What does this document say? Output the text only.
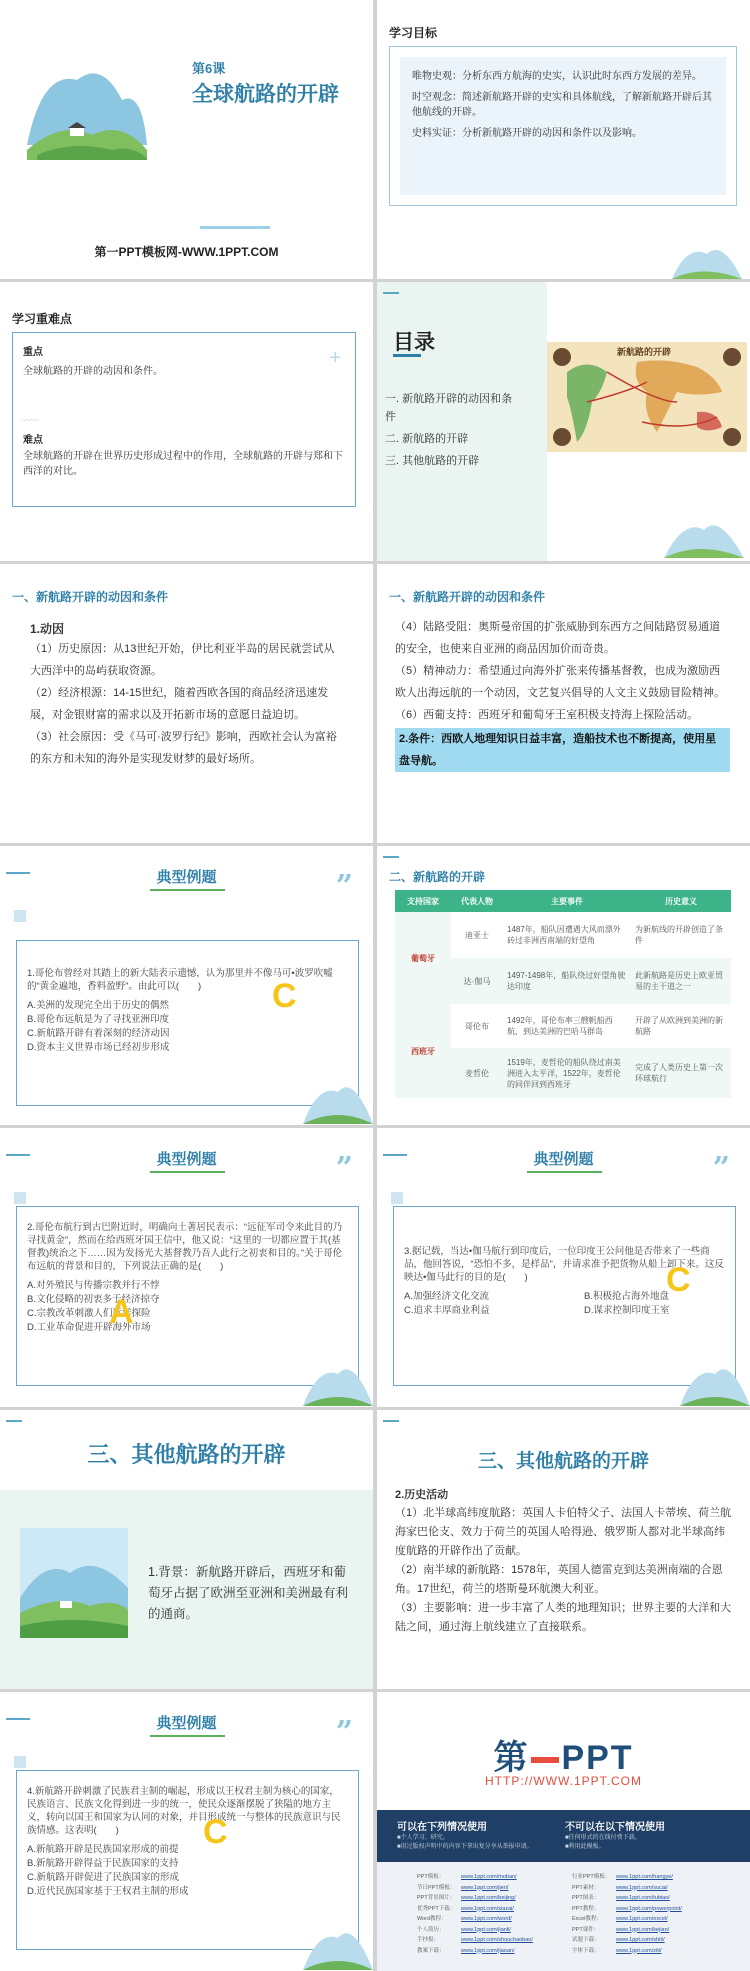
第6课
全球航路的开辟
第一PPT模板网-WWW.1PPT.COM
学习目标
唯物史观：分析东西方航海的史实，认识此时东西方发展的差异。
时空观念：简述新航路开辟的史实和具体航线，了解新航路开辟后其他航线的开辟。
史料实证：分析新航路开辟的动因和条件以及影响。
学习重难点
重点
全球航路的开辟的动因和条件。
+
〰〰
难点
全球航路的开辟在世界历史形成过程中的作用，全球航路的开辟与郑和下西洋的对比。
目录
一. 新航路开辟的动因和条件
二. 新航路的开辟
三. 其他航路的开辟
新航路的开辟
一、新航路开辟的动因和条件
1.动因
（1）历史原因：从13世纪开始，伊比利亚半岛的居民就尝试从大西洋中的岛屿获取资源。
（2）经济根源：14-15世纪，随着西欧各国的商品经济迅速发展，对金银财富的需求以及开拓新市场的意愿日益迫切。
（3）社会原因：受《马可·波罗行纪》影响，西欧社会认为富裕的东方和未知的海外是实现发财梦的最好场所。
一、新航路开辟的动因和条件
（4）陆路受阻：奥斯曼帝国的扩张威胁到东西方之间陆路贸易通道的安全，也使来自亚洲的商品因加价而奇贵。
（5）精神动力：希望通过向海外扩张来传播基督教，也成为激励西欧人出海远航的一个动因，文艺复兴倡导的人文主义鼓励冒险精神。
（6）西葡支持：西班牙和葡萄牙王室积极支持海上探险活动。
2.条件：西欧人地理知识日益丰富，造船技术也不断提高，使用星盘导航。
典型例题	”
1.哥伦布曾经对其踏上的新大陆表示遗憾，认为那里并不像马可•波罗吹嘘的“黄金遍地，香料盈野”。由此可以(　　)
A.美洲的发现完全出于历史的偶然
B.哥伦布远航是为了寻找亚洲印度
C.新航路开辟有着深刻的经济动因
D.资本主义世界市场已经初步形成
C
二、新航路的开辟
支持国家	代表人物	主要事件	历史意义
葡萄牙	迪亚士	1487年，船队因遭遇大风而漂外砖过非洲西南端的好望角	为新航线的开辟创造了条件
	达·伽马	1497-1498年，船队绕过好望角驶达印度	此新航路是历史上欧亚贸易的主干道之一
西班牙	哥伦布	1492年，哥伦布率三艘帆船西航，到达美洲的巴哈马群岛	开辟了从欧洲到美洲的新航路
	麦哲伦	1519年，麦哲伦的船队绕过南美洲进入太平洋，1522年，麦哲伦的同伴回到西班牙	完成了人类历史上第一次环球航行
典型例题	”
2.哥伦布航行到古巴附近时，明确向土著居民表示：“远征军司令来此目的乃寻找黄金”，然而在给西班牙国王信中，他又说：“这里的一切都应置于其(基督教)统治之下……因为发扬光大基督教乃吾人此行之初衷和目的。”关于哥伦布远航的背景和目的，下列说法正确的是(　　)
A.对外殖民与传播宗教并行不悖
B.文化侵略的初衷多于经济掠夺
C.宗教改革刺激人们远洋探险
D.工业革命促进开辟海外市场
A
典型例题	”
3.据记载，当达•伽马航行到印度后，一位印度王公问他是否带来了一些商品，他回答说，“恐怕不多，是样品”，并请求准予把货物从船上卸下来。这反映达•伽马此行的目的是(　　)
A.加强经济文化交流	B.积极抢占海外地盘
C.追求丰厚商业利益	D.谋求控制印度王室
C
三、其他航路的开辟
1.背景：新航路开辟后，西班牙和葡萄牙占据了欧洲至亚洲和美洲最有利的通商。
三、其他航路的开辟
2.历史活动
（1）北半球高纬度航路：英国人卡伯特父子、法国人卡蒂埃、荷兰航海家巴伦支、效力于荷兰的英国人哈得逊、俄罗斯人都对北半球高纬度航路的开辟作出了贡献。
（2）南半球的新航路：1578年，英国人德雷克到达美洲南端的合恩角。17世纪，荷兰的塔斯曼环航澳大利亚。
（3）主要影响：进一步丰富了人类的地理知识；世界主要的大洋和大陆之间，通过海上航线建立了直接联系。
典型例题	”
4.新航路开辟刺激了民族君主制的崛起，形成以王权君主制为核心的国家，民族语言、民族文化得到进一步的统一，使民众逐渐摆脱了狭隘的地方主义，转向以国王和国家为认同的对象，并目形成统一与整体的民族意识与民族情感。这表明(　　)
A.新航路开辟是民族国家形成的前提
B.新航路开辟得益于民族国家的支持
C.新航路开辟促进了民族国家的形成
D.近代民族国家基于王权君主制的形成
C
第 PPT
HTTP://WWW.1PPT.COM
可以在下列情况使用
■个人学习、研究。
■用过版权声明中的内容下拿出复分享从举报申请。
不可以在以下情况使用
■任何形式的在线付费下载。
■利用此模板。
PPT模板：	www.1ppt.com/moban/
节日PPT模板： www.1ppt.com/jieri/
PPT背景图片： www.1ppt.com/beijing/
优秀PPT下载： www.1ppt.com/xiazai/
Word教程：	www.1ppt.com/word/
个人简历：	www.1ppt.com/jianli/
手抄报：	www.1ppt.com/shouchaobao/
教案下载：	www.1ppt.com/jiaoan/
行业PPT模板： www.1ppt.com/hangye/
PPT素材：	www.1ppt.com/sucai/
PPT图表：	www.1ppt.com/tubiao/
PPT教程：	www.1ppt.com/powerpoint/
Excel教程：	www.1ppt.com/excel/
PPT课件：	www.1ppt.com/kejian/
试题下载：	www.1ppt.com/shiti/
字体下载：	www.1ppt.com/ziti/
